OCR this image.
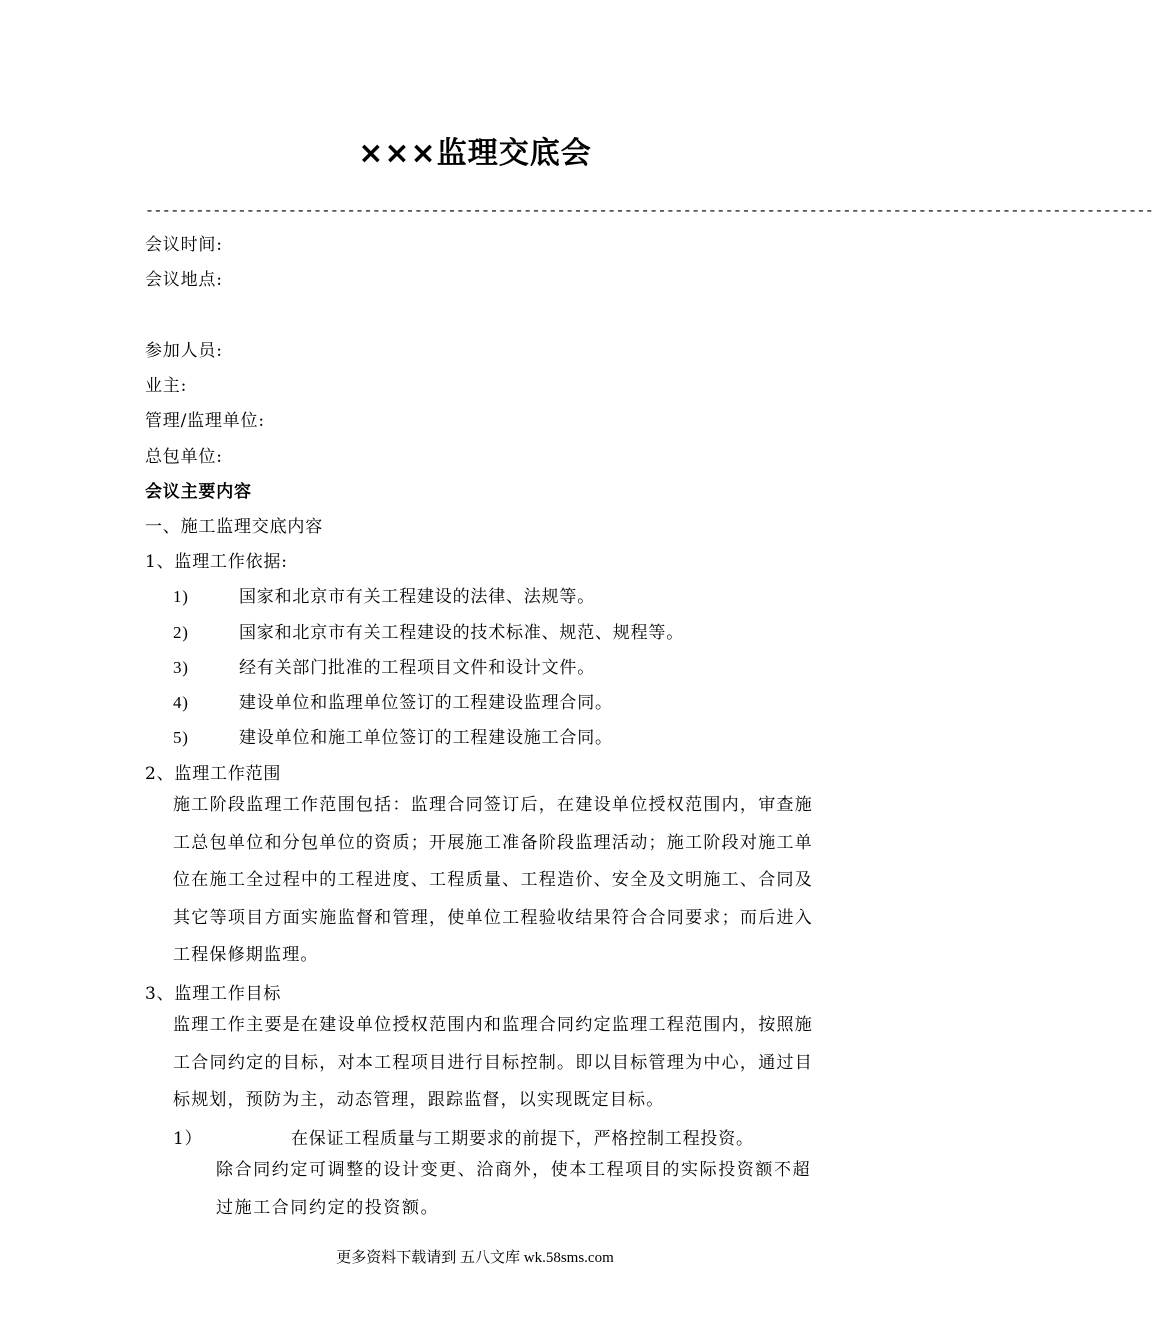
×××监理交底会
------------------------------------------------------------------------------------------------------------------------
会议时间:
会议地点:
参加人员:
业主:
管理/监理单位:
总包单位:
会议主要内容
一、施工监理交底内容
1、监理工作依据:
1)	国家和北京市有关工程建设的法律、法规等。
2)	国家和北京市有关工程建设的技术标准、规范、规程等。
3)	经有关部门批准的工程项目文件和设计文件。
4)	建设单位和监理单位签订的工程建设监理合同。
5)	建设单位和施工单位签订的工程建设施工合同。
2、监理工作范围
施工阶段监理工作范围包括：监理合同签订后，在建设单位授权范围内，审查施工总包单位和分包单位的资质；开展施工准备阶段监理活动；施工阶段对施工单位在施工全过程中的工程进度、工程质量、工程造价、安全及文明施工、合同及其它等项目方面实施监督和管理，使单位工程验收结果符合合同要求；而后进入工程保修期监理。
3、监理工作目标
监理工作主要是在建设单位授权范围内和监理合同约定监理工程范围内，按照施工合同约定的目标，对本工程项目进行目标控制。即以目标管理为中心，通过目标规划，预防为主，动态管理，跟踪监督，以实现既定目标。
1）	在保证工程质量与工期要求的前提下，严格控制工程投资。
除合同约定可调整的设计变更、洽商外，使本工程项目的实际投资额不超过施工合同约定的投资额。
更多资料下载请到 五八文库 wk.58sms.com
